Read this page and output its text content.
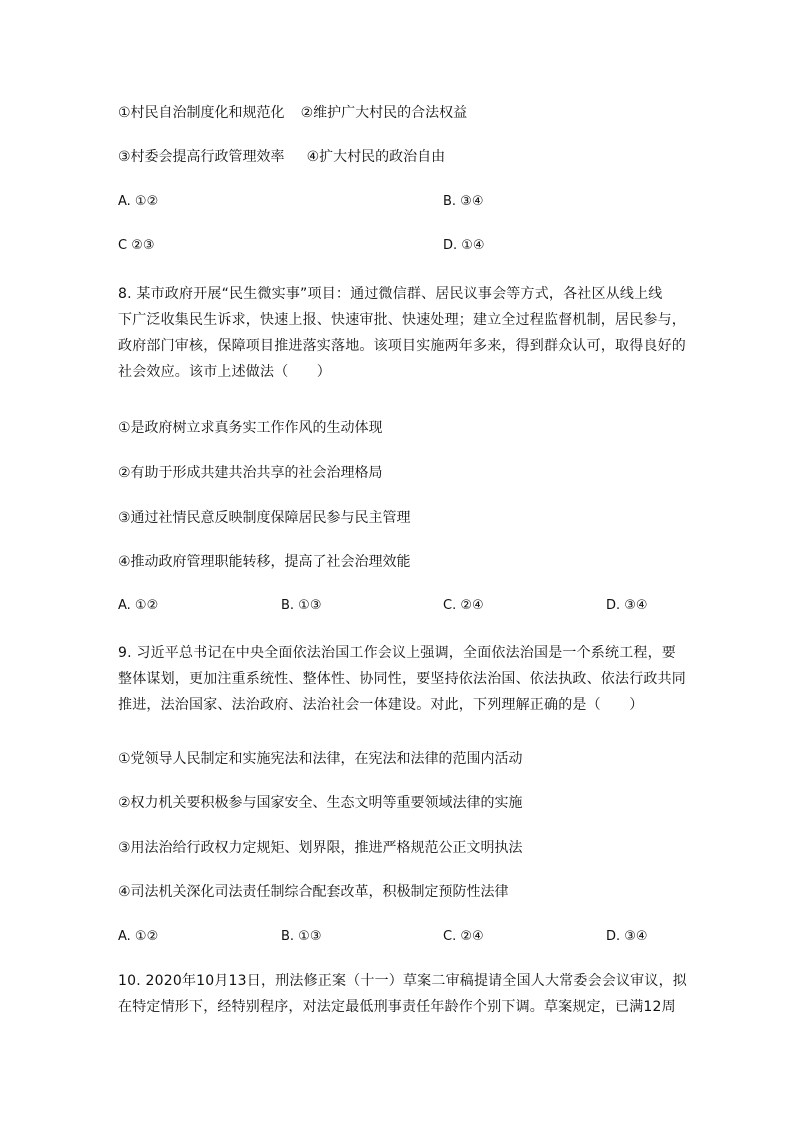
①村民自治制度化和规范化 ②维护广大村民的合法权益
③村委会提高行政管理效率 ④扩大村民的政治自由
A. ①②	B. ③④
C ②③	D. ①④
8. 某市政府开展“民生微实事”项目：通过微信群、居民议事会等方式，各社区从线上线
下广泛收集民生诉求，快速上报、快速审批、快速处理；建立全过程监督机制，居民参与，
政府部门审核，保障项目推进落实落地。该项目实施两年多来，得到群众认可，取得良好的
社会效应。该市上述做法（　　）
①是政府树立求真务实工作作风的生动体现
②有助于形成共建共治共享的社会治理格局
③通过社情民意反映制度保障居民参与民主管理
④推动政府管理职能转移，提高了社会治理效能
A. ①②	B. ①③	C. ②④	D. ③④
9. 习近平总书记在中央全面依法治国工作会议上强调，全面依法治国是一个系统工程，要
整体谋划，更加注重系统性、整体性、协同性，要坚持依法治国、依法执政、依法行政共同
推进，法治国家、法治政府、法治社会一体建设。对此，下列理解正确的是（　　）
①党领导人民制定和实施宪法和法律，在宪法和法律的范围内活动
②权力机关要积极参与国家安全、生态文明等重要领域法律的实施
③用法治给行政权力定规矩、划界限，推进严格规范公正文明执法
④司法机关深化司法责任制综合配套改革，积极制定预防性法律
A. ①②	B. ①③	C. ②④	D. ③④
10. 2020年10月13日，刑法修正案（十一）草案二审稿提请全国人大常委会会议审议，拟
在特定情形下，经特别程序，对法定最低刑事责任年龄作个别下调。草案规定，已满12周
